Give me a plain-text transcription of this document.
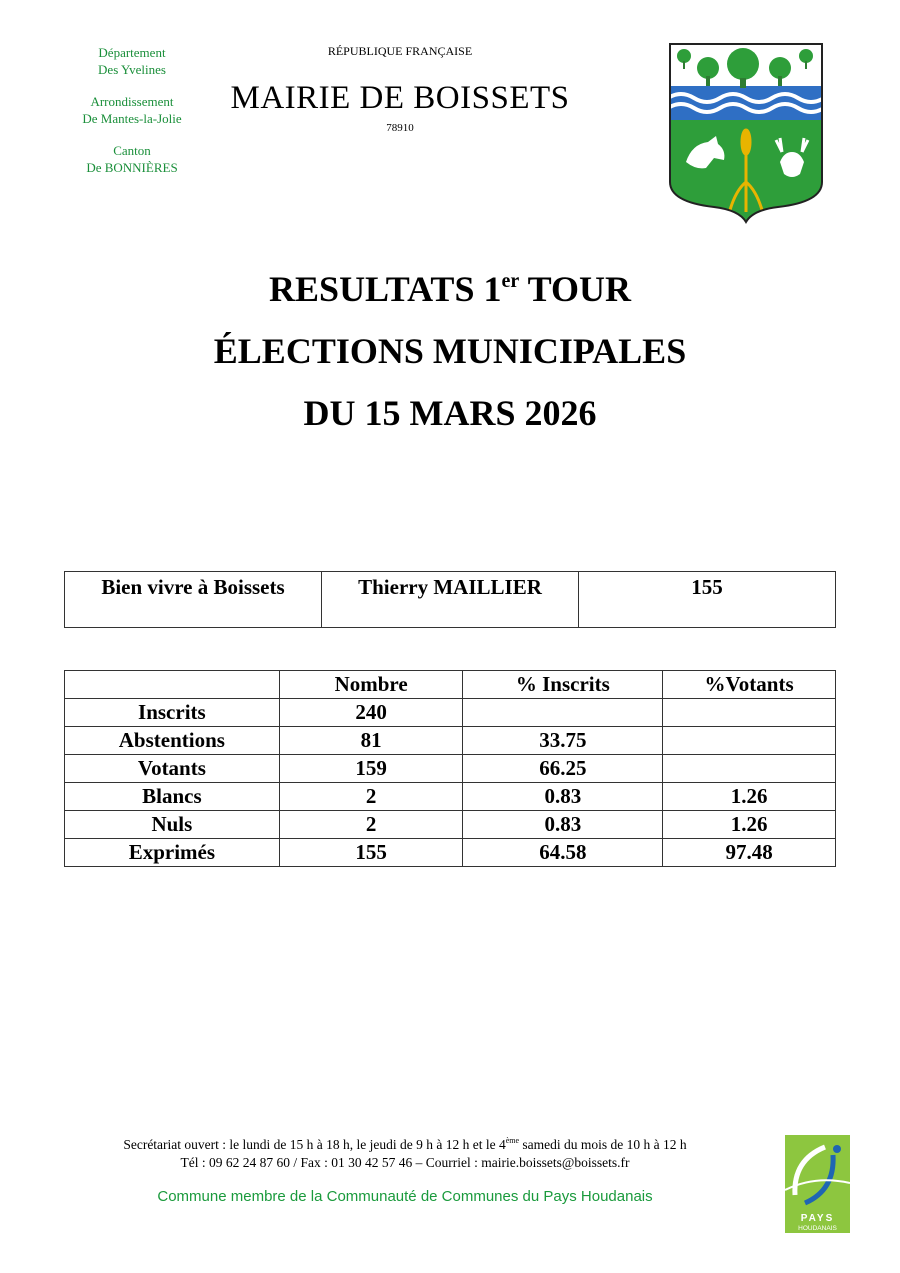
Département
Des Yvelines
Arrondissement
De Mantes-la-Jolie
Canton
De BONNIÈRES
RÉPUBLIQUE FRANÇAISE
MAIRIE DE BOISSETS
78910
RESULTATS 1er TOUR
ÉLECTIONS MUNICIPALES
DU 15 MARS 2026
Bien vivre à Boissets	Thierry MAILLIER	155
	Nombre	% Inscrits	%Votants
Inscrits	240		
Abstentions	81	33.75	
Votants	159	66.25	
Blancs	2	0.83	1.26
Nuls	2	0.83	1.26
Exprimés	155	64.58	97.48
Secrétariat ouvert : le lundi de 15 h à 18 h, le jeudi de 9 h à 12 h et le 4ème samedi du mois de 10 h à 12 h
Tél : 09 62 24 87 60 / Fax : 01 30 42 57 46 – Courriel : mairie.boissets@boissets.fr
Commune membre de la Communauté de Communes du Pays Houdanais
PAYS
HOUDANAIS
